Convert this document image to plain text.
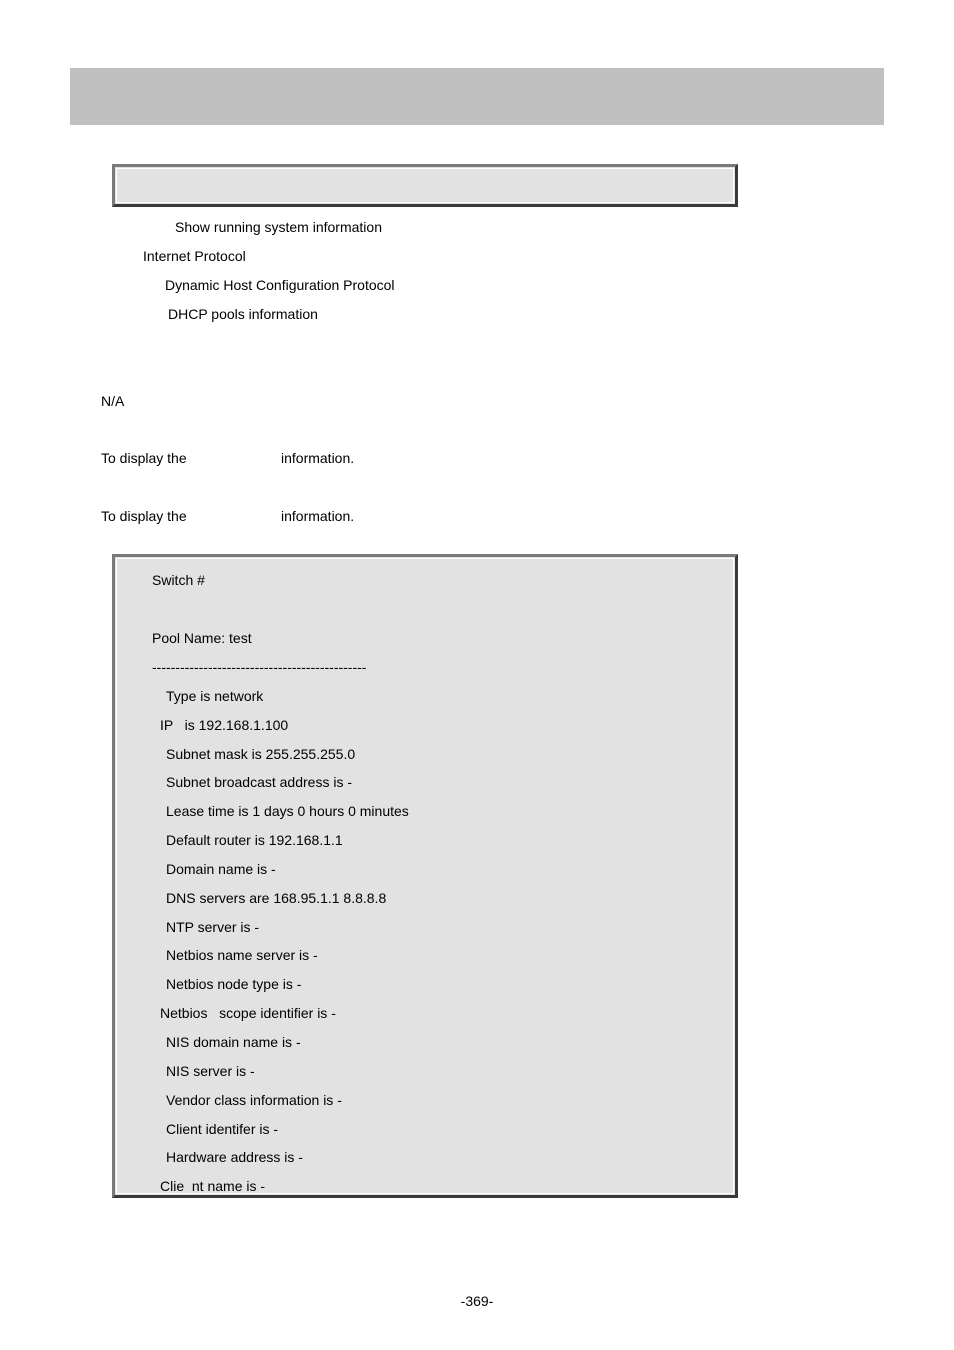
Show running system information
Internet Protocol
Dynamic Host Configuration Protocol
DHCP pools information
N/A
To display the	information.
To display the	information.
Switch #
Pool Name: test
----------------------------------------------
Type is network
IP   is 192.168.1.100
Subnet mask is 255.255.255.0
Subnet broadcast address is -
Lease time is 1 days 0 hours 0 minutes
Default router is 192.168.1.1
Domain name is -
DNS servers are 168.95.1.1 8.8.8.8
NTP server is -
Netbios name server is -
Netbios node type is -
Netbios   scope identifier is -
NIS domain name is -
NIS server is -
Vendor class information is -
Client identifer is -
Hardware address is -
Clie  nt name is -
-369-
